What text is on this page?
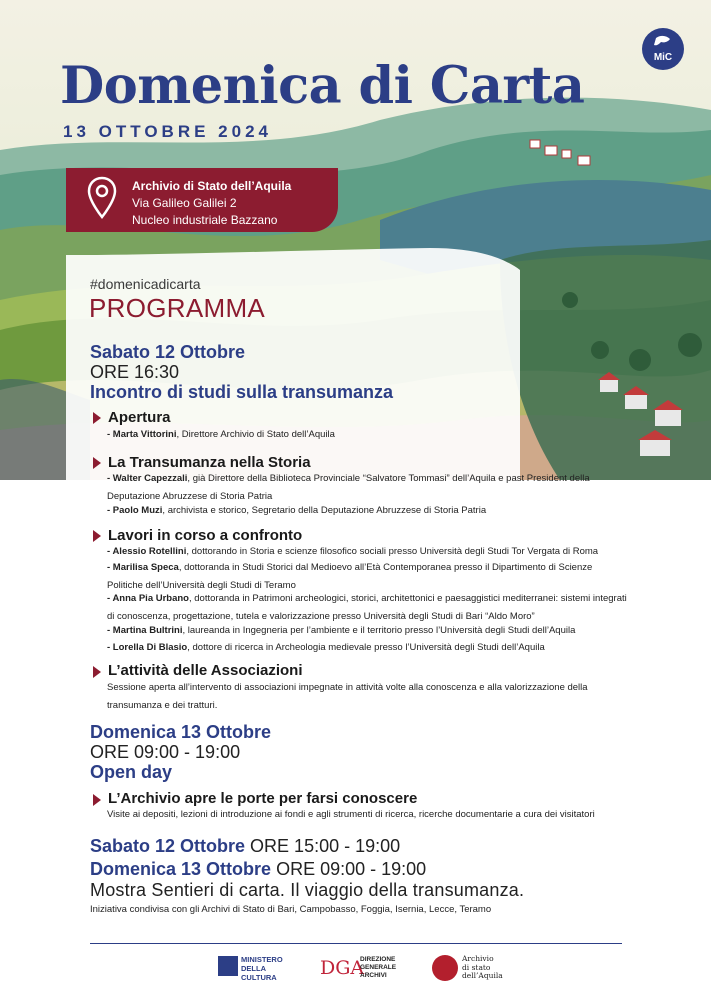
MiC
Domenica di Carta
13 OTTOBRE 2024
Archivio di Stato dell’Aquila
Via Galileo Galilei 2
Nucleo industriale Bazzano
#domenicadicarta
PROGRAMMA
Sabato 12 Ottobre
ORE 16:30
Incontro di studi sulla transumanza
Apertura
- Marta Vittorini, Direttore Archivio di Stato dell’Aquila
La Transumanza nella Storia
- Walter Capezzali, già Direttore della Biblioteca Provinciale “Salvatore Tommasi” dell’Aquila e past President della Deputazione Abruzzese di Storia Patria
- Paolo Muzi, archivista e storico, Segretario della Deputazione Abruzzese di Storia Patria
Lavori in corso a confronto
- Alessio Rotellini, dottorando in Storia e scienze filosofico sociali presso Università degli Studi Tor Vergata di Roma
- Marilisa Speca, dottoranda in Studi Storici dal Medioevo all’Età Contemporanea presso il Dipartimento di Scienze Politiche dell’Università degli Studi di Teramo
- Anna Pia Urbano, dottoranda in Patrimoni archeologici, storici, architettonici e paesaggistici mediterranei: sistemi integrati di conoscenza, progettazione, tutela e valorizzazione presso Università degli Studi di Bari “Aldo Moro”
- Martina Bultrini, laureanda in Ingegneria per l’ambiente e il territorio presso l’Università degli Studi dell’Aquila
- Lorella Di Blasio, dottore di ricerca in Archeologia medievale presso l’Università degli Studi dell’Aquila
L’attività delle Associazioni
Sessione aperta all’intervento di associazioni impegnate in attività volte alla conoscenza e alla valorizzazione della transumanza e dei tratturi.
Domenica 13 Ottobre
ORE 09:00 - 19:00
Open day
L’Archivio apre le porte per farsi conoscere
Visite ai depositi, lezioni di introduzione ai fondi e agli strumenti di ricerca, ricerche documentarie a cura dei visitatori
Sabato 12 Ottobre ORE 15:00 - 19:00
Domenica 13 Ottobre ORE 09:00 - 19:00
Mostra Sentieri di carta. Il viaggio della transumanza.
Iniziativa condivisa con gli Archivi di Stato di Bari, Campobasso, Foggia, Isernia, Lecce, Teramo
MINISTERO
DELLA
CULTURA	DGA
DIREZIONE
GENERALE
ARCHIVI
Archivio
di stato
dell’Aquila
